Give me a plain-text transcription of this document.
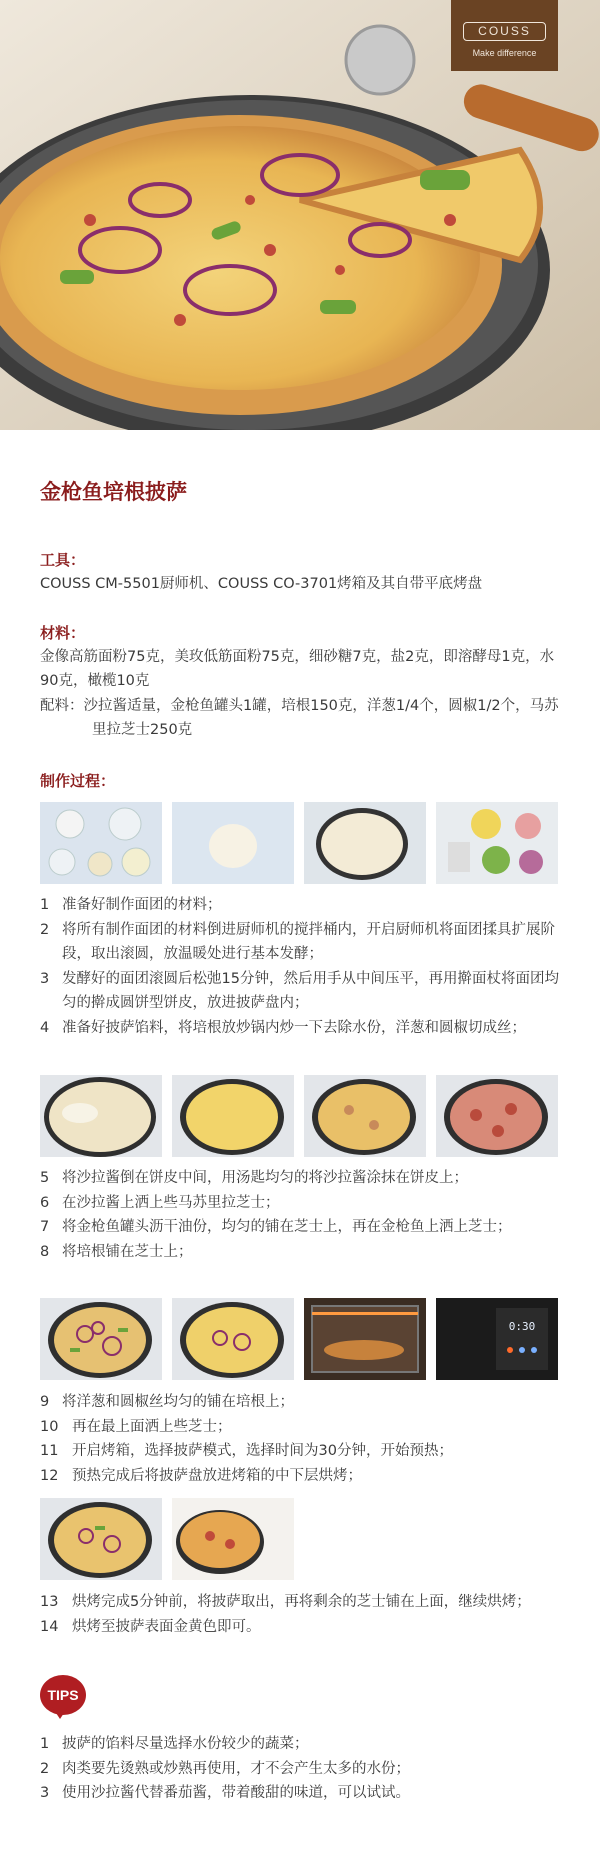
COUSS
Make difference
金枪鱼培根披萨
工具：
COUSS CM-5501厨师机、COUSS CO-3701烤箱及其自带平底烤盘
材料：
金像高筋面粉75克，美玫低筋面粉75克，细砂糖7克，盐2克，即溶酵母1克，水90克，橄榄10克
配料：沙拉酱适量，金枪鱼罐头1罐，培根150克，洋葱1/4个，圆椒1/2个，马苏里拉芝士250克
制作过程：
1 准备好制作面团的材料；
2 将所有制作面团的材料倒进厨师机的搅拌桶内，开启厨师机将面团揉具扩展阶段，取出滚圆，放温暖处进行基本发酵；
3 发酵好的面团滚圆后松弛15分钟，然后用手从中间压平，再用擀面杖将面团均匀的擀成圆饼型饼皮，放进披萨盘内；
4 准备好披萨馅料，将培根放炒锅内炒一下去除水份，洋葱和圆椒切成丝；
5 将沙拉酱倒在饼皮中间，用汤匙均匀的将沙拉酱涂抹在饼皮上；
6 在沙拉酱上洒上些马苏里拉芝士；
7 将金枪鱼罐头沥干油份，均匀的铺在芝士上，再在金枪鱼上洒上芝士；
8 将培根铺在芝士上；
0:30
9 将洋葱和圆椒丝均匀的铺在培根上；
10 再在最上面洒上些芝士；
11 开启烤箱，选择披萨模式，选择时间为30分钟，开始预热；
12 预热完成后将披萨盘放进烤箱的中下层烘烤；
13 烘烤完成5分钟前，将披萨取出，再将剩余的芝士铺在上面，继续烘烤；
14 烘烤至披萨表面金黄色即可。
TIPS
1 披萨的馅料尽量选择水份较少的蔬菜；
2 肉类要先烫熟或炒熟再使用，才不会产生太多的水份；
3 使用沙拉酱代替番茄酱，带着酸甜的味道，可以试试。
